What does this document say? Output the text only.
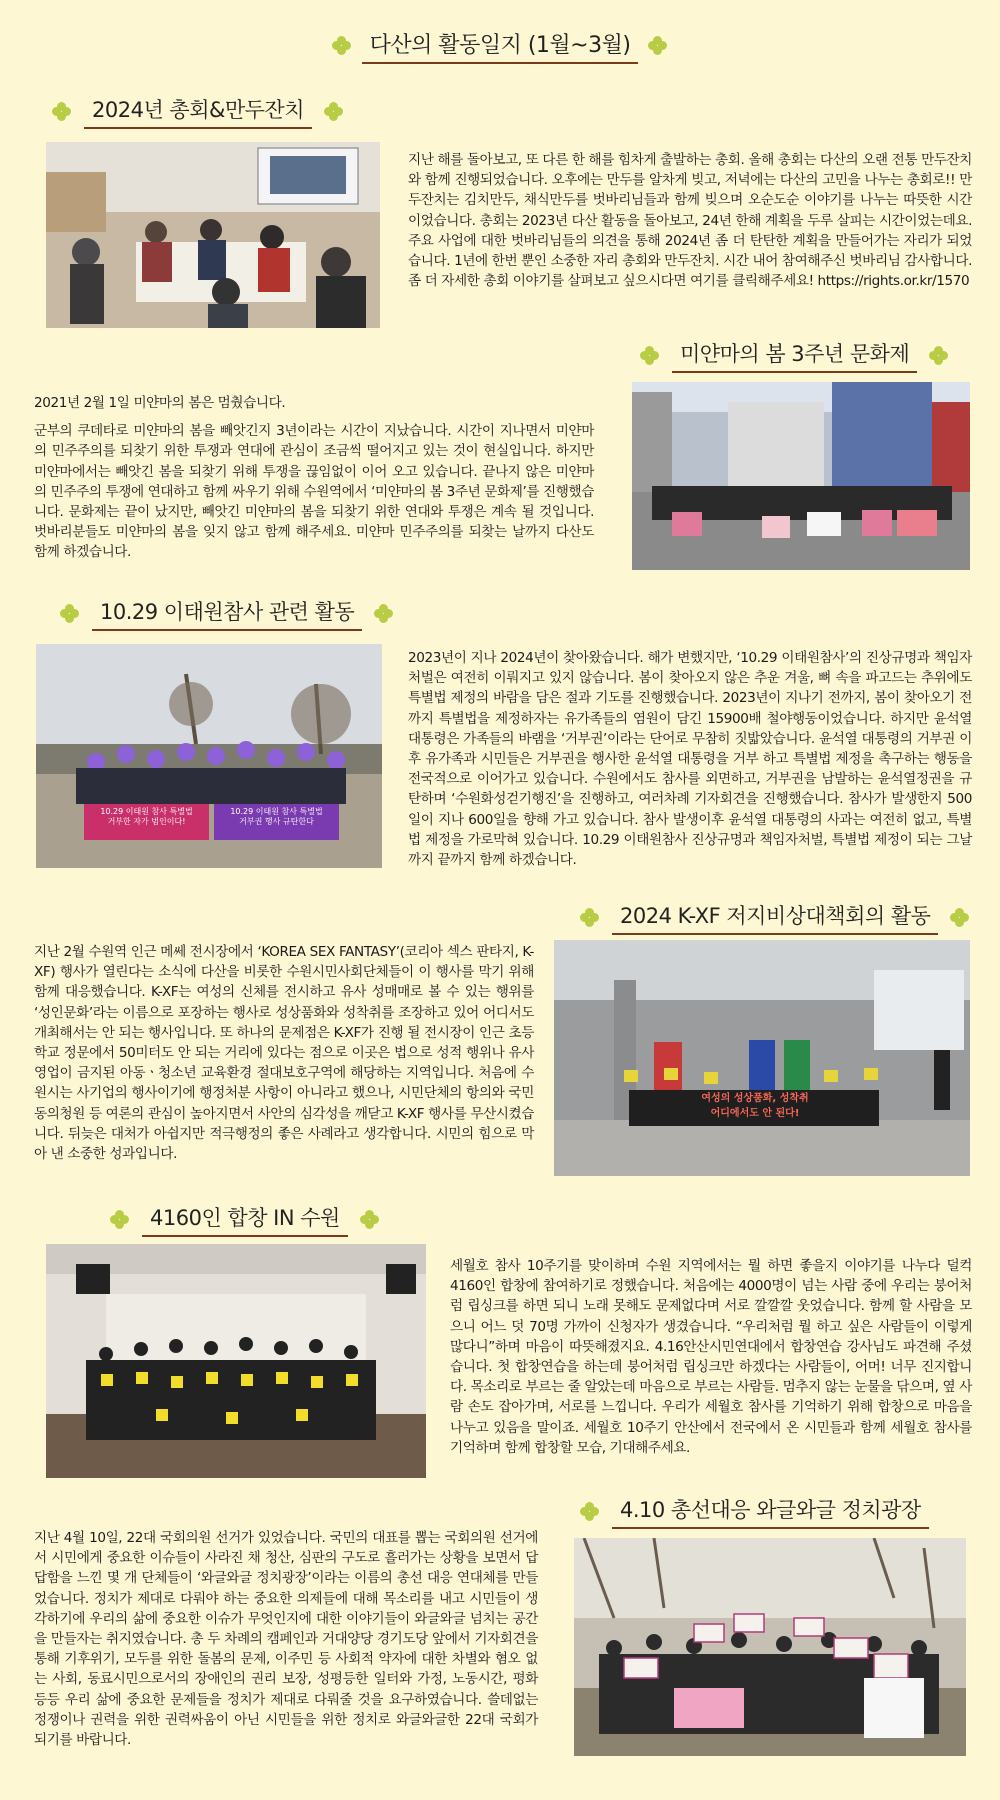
다산의 활동일지 (1월~3월)
2024년 총회&만두잔치

지난 해를 돌아보고, 또 다른 한 해를 힘차게 출발하는 총회. 올해 총회는 다산의 오랜 전통 만두잔치와 함께 진행되었습니다. 오후에는 만두를 알차게 빚고, 저녁에는 다산의 고민을 나누는 총회로!! 만두잔치는 김치만두, 채식만두를 벗바리님들과 함께 빚으며 오순도순 이야기를 나누는 따뜻한 시간이었습니다. 총회는 2023년 다산 활동을 돌아보고, 24년 한해 계획을 두루 살피는 시간이었는데요. 주요 사업에 대한 벗바리님들의 의견을 통해 2024년 좀 더 탄탄한 계획을 만들어가는 자리가 되었습니다. 1년에 한번 뿐인 소중한 자리 총회와 만두잔치. 시간 내어 참여해주신 벗바리님 감사합니다. 좀 더 자세한 총회 이야기를 살펴보고 싶으시다면 여기를 클릭해주세요! https://rights.or.kr/1570

미얀마의 봄 3주년 문화제

2021년 2월 1일 미얀마의 봄은 멈췄습니다.

군부의 쿠데타로 미얀마의 봄을 빼앗긴지 3년이라는 시간이 지났습니다. 시간이 지나면서 미얀마의 민주주의를 되찾기 위한 투쟁과 연대에 관심이 조금씩 떨어지고 있는 것이 현실입니다. 하지만 미얀마에서는 빼앗긴 봄을 되찾기 위해 투쟁을 끊임없이 이어 오고 있습니다. 끝나지 않은 미얀마의 민주주의 투쟁에 연대하고 함께 싸우기 위해 수원역에서 ‘미얀마의 봄 3주년 문화제’를 진행했습니다. 문화제는 끝이 났지만, 빼앗긴 미얀마의 봄을 되찾기 위한 연대와 투쟁은 계속 될 것입니다. 벗바리분들도 미얀마의 봄을 잊지 않고 함께 해주세요. 미얀마 민주주의를 되찾는 날까지 다산도 함께 하겠습니다.

10.29 이태원참사 관련 활동
10.29 이태원 참사 특별법
거부한 자가 범인이다!
10.29 이태원 참사 특별법
거부권 행사 규탄한다

2023년이 지나 2024년이 찾아왔습니다. 해가 변했지만, ‘10.29 이태원참사’의 진상규명과 책임자처벌은 여전히 이뤄지고 있지 않습니다. 봄이 찾아오지 않은 추운 겨울, 뼈 속을 파고드는 추위에도 특별법 제정의 바람을 담은 절과 기도를 진행했습니다. 2023년이 지나기 전까지, 봄이 찾아오기 전까지 특별법을 제정하자는 유가족들의 염원이 담긴 15900배 철야행동이었습니다. 하지만 윤석열 대통령은 가족들의 바램을 ‘거부권’이라는 단어로 무참히 짓밟았습니다. 윤석열 대통령의 거부권 이후 유가족과 시민들은 거부권을 행사한 윤석열 대통령을 거부 하고 특별법 제정을 촉구하는 행동을 전국적으로 이어가고 있습니다. 수원에서도 참사를 외면하고, 거부권을 남발하는 윤석열정권을 규탄하며 ‘수원화성걷기행진’을 진행하고, 여러차례 기자회견을 진행했습니다. 참사가 발생한지 500일이 지나 600일을 향해 가고 있습니다. 참사 발생이후 윤석열 대통령의 사과는 여전히 없고, 특별법 제정을 가로막혀 있습니다. 10.29 이태원참사 진상규명과 책임자처벌, 특별법 제정이 되는 그날까지 끝까지 함께 하겠습니다.

2024 K-XF 저지비상대책회의 활동

지난 2월 수원역 인근 메쎄 전시장에서 ‘KOREA SEX FANTASY’(코리아 섹스 판타지, K-XF) 행사가 열린다는 소식에 다산을 비롯한 수원시민사회단체들이 이 행사를 막기 위해 함께 대응했습니다. K-XF는 여성의 신체를 전시하고 유사 성매매로 볼 수 있는 행위를 ‘성인문화’라는 이름으로 포장하는 행사로 성상품화와 성착취를 조장하고 있어 어디서도 개최해서는 안 되는 행사입니다. 또 하나의 문제점은 K-XF가 진행 될 전시장이 인근 초등학교 정문에서 50미터도 안 되는 거리에 있다는 점으로 이곳은 법으로 성적 행위나 유사 영업이 금지된 아동ㆍ청소년 교육환경 절대보호구역에 해당하는 지역입니다. 처음에 수원시는 사기업의 행사이기에 행정처분 사항이 아니라고 했으나, 시민단체의 항의와 국민동의청원 등 여론의 관심이 높아지면서 사안의 심각성을 깨닫고 K-XF 행사를 무산시켰습니다. 뒤늦은 대처가 아쉽지만 적극행정의 좋은 사례라고 생각합니다. 시민의 힘으로 막아 낸 소중한 성과입니다.

여성의 성상품화, 성착취
어디에서도 안 된다!
4160인 합창 IN 수원

세월호 참사 10주기를 맞이하며 수원 지역에서는 뭘 하면 좋을지 이야기를 나누다 덜컥 4160인 합창에 참여하기로 정했습니다. 처음에는 4000명이 넘는 사람 중에 우리는 붕어처럼 립싱크를 하면 되니 노래 못해도 문제없다며 서로 깔깔깔 웃었습니다. 함께 할 사람을 모으니 어느 덧 70명 가까이 신청자가 생겼습니다. “우리처럼 뭘 하고 싶은 사람들이 이렇게 많다니”하며 마음이 따뜻해졌지요. 4.16안산시민연대에서 합창연습 강사님도 파견해 주셨습니다. 첫 합창연습을 하는데 붕어처럼 립싱크만 하겠다는 사람들이, 어머! 너무 진지합니다. 목소리로 부르는 줄 알았는데 마음으로 부르는 사람들. 멈추지 않는 눈물을 닦으며, 옆 사람 손도 잡아가며, 서로를 느낍니다. 우리가 세월호 참사를 기억하기 위해 합창으로 마음을 나누고 있음을 말이죠. 세월호 10주기 안산에서 전국에서 온 시민들과 함께 세월호 참사를 기억하며 함께 합창할 모습, 기대해주세요.

4.10 총선대응 와글와글 정치광장

지난 4월 10일, 22대 국회의원 선거가 있었습니다. 국민의 대표를 뽑는 국회의원 선거에서 시민에게 중요한 이슈들이 사라진 채 청산, 심판의 구도로 흘러가는 상황을 보면서 답답함을 느낀 몇 개 단체들이 ‘와글와글 정치광장’이라는 이름의 총선 대응 연대체를 만들었습니다. 정치가 제대로 다뤄야 하는 중요한 의제들에 대해 목소리를 내고 시민들이 생각하기에 우리의 삶에 중요한 이슈가 무엇인지에 대한 이야기들이 와글와글 넘치는 공간을 만들자는 취지였습니다. 총 두 차례의 캠페인과 거대양당 경기도당 앞에서 기자회견을 통해 기후위기, 모두를 위한 돌봄의 문제, 이주민 등 사회적 약자에 대한 차별와 혐오 없는 사회, 동료시민으로서의 장애인의 권리 보장, 성평등한 일터와 가정, 노동시간, 평화 등등 우리 삶에 중요한 문제들을 정치가 제대로 다뤄줄 것을 요구하였습니다. 쓸데없는 정쟁이나 권력을 위한 권력싸움이 아닌 시민들을 위한 정치로 와글와글한 22대 국회가 되기를 바랍니다.
